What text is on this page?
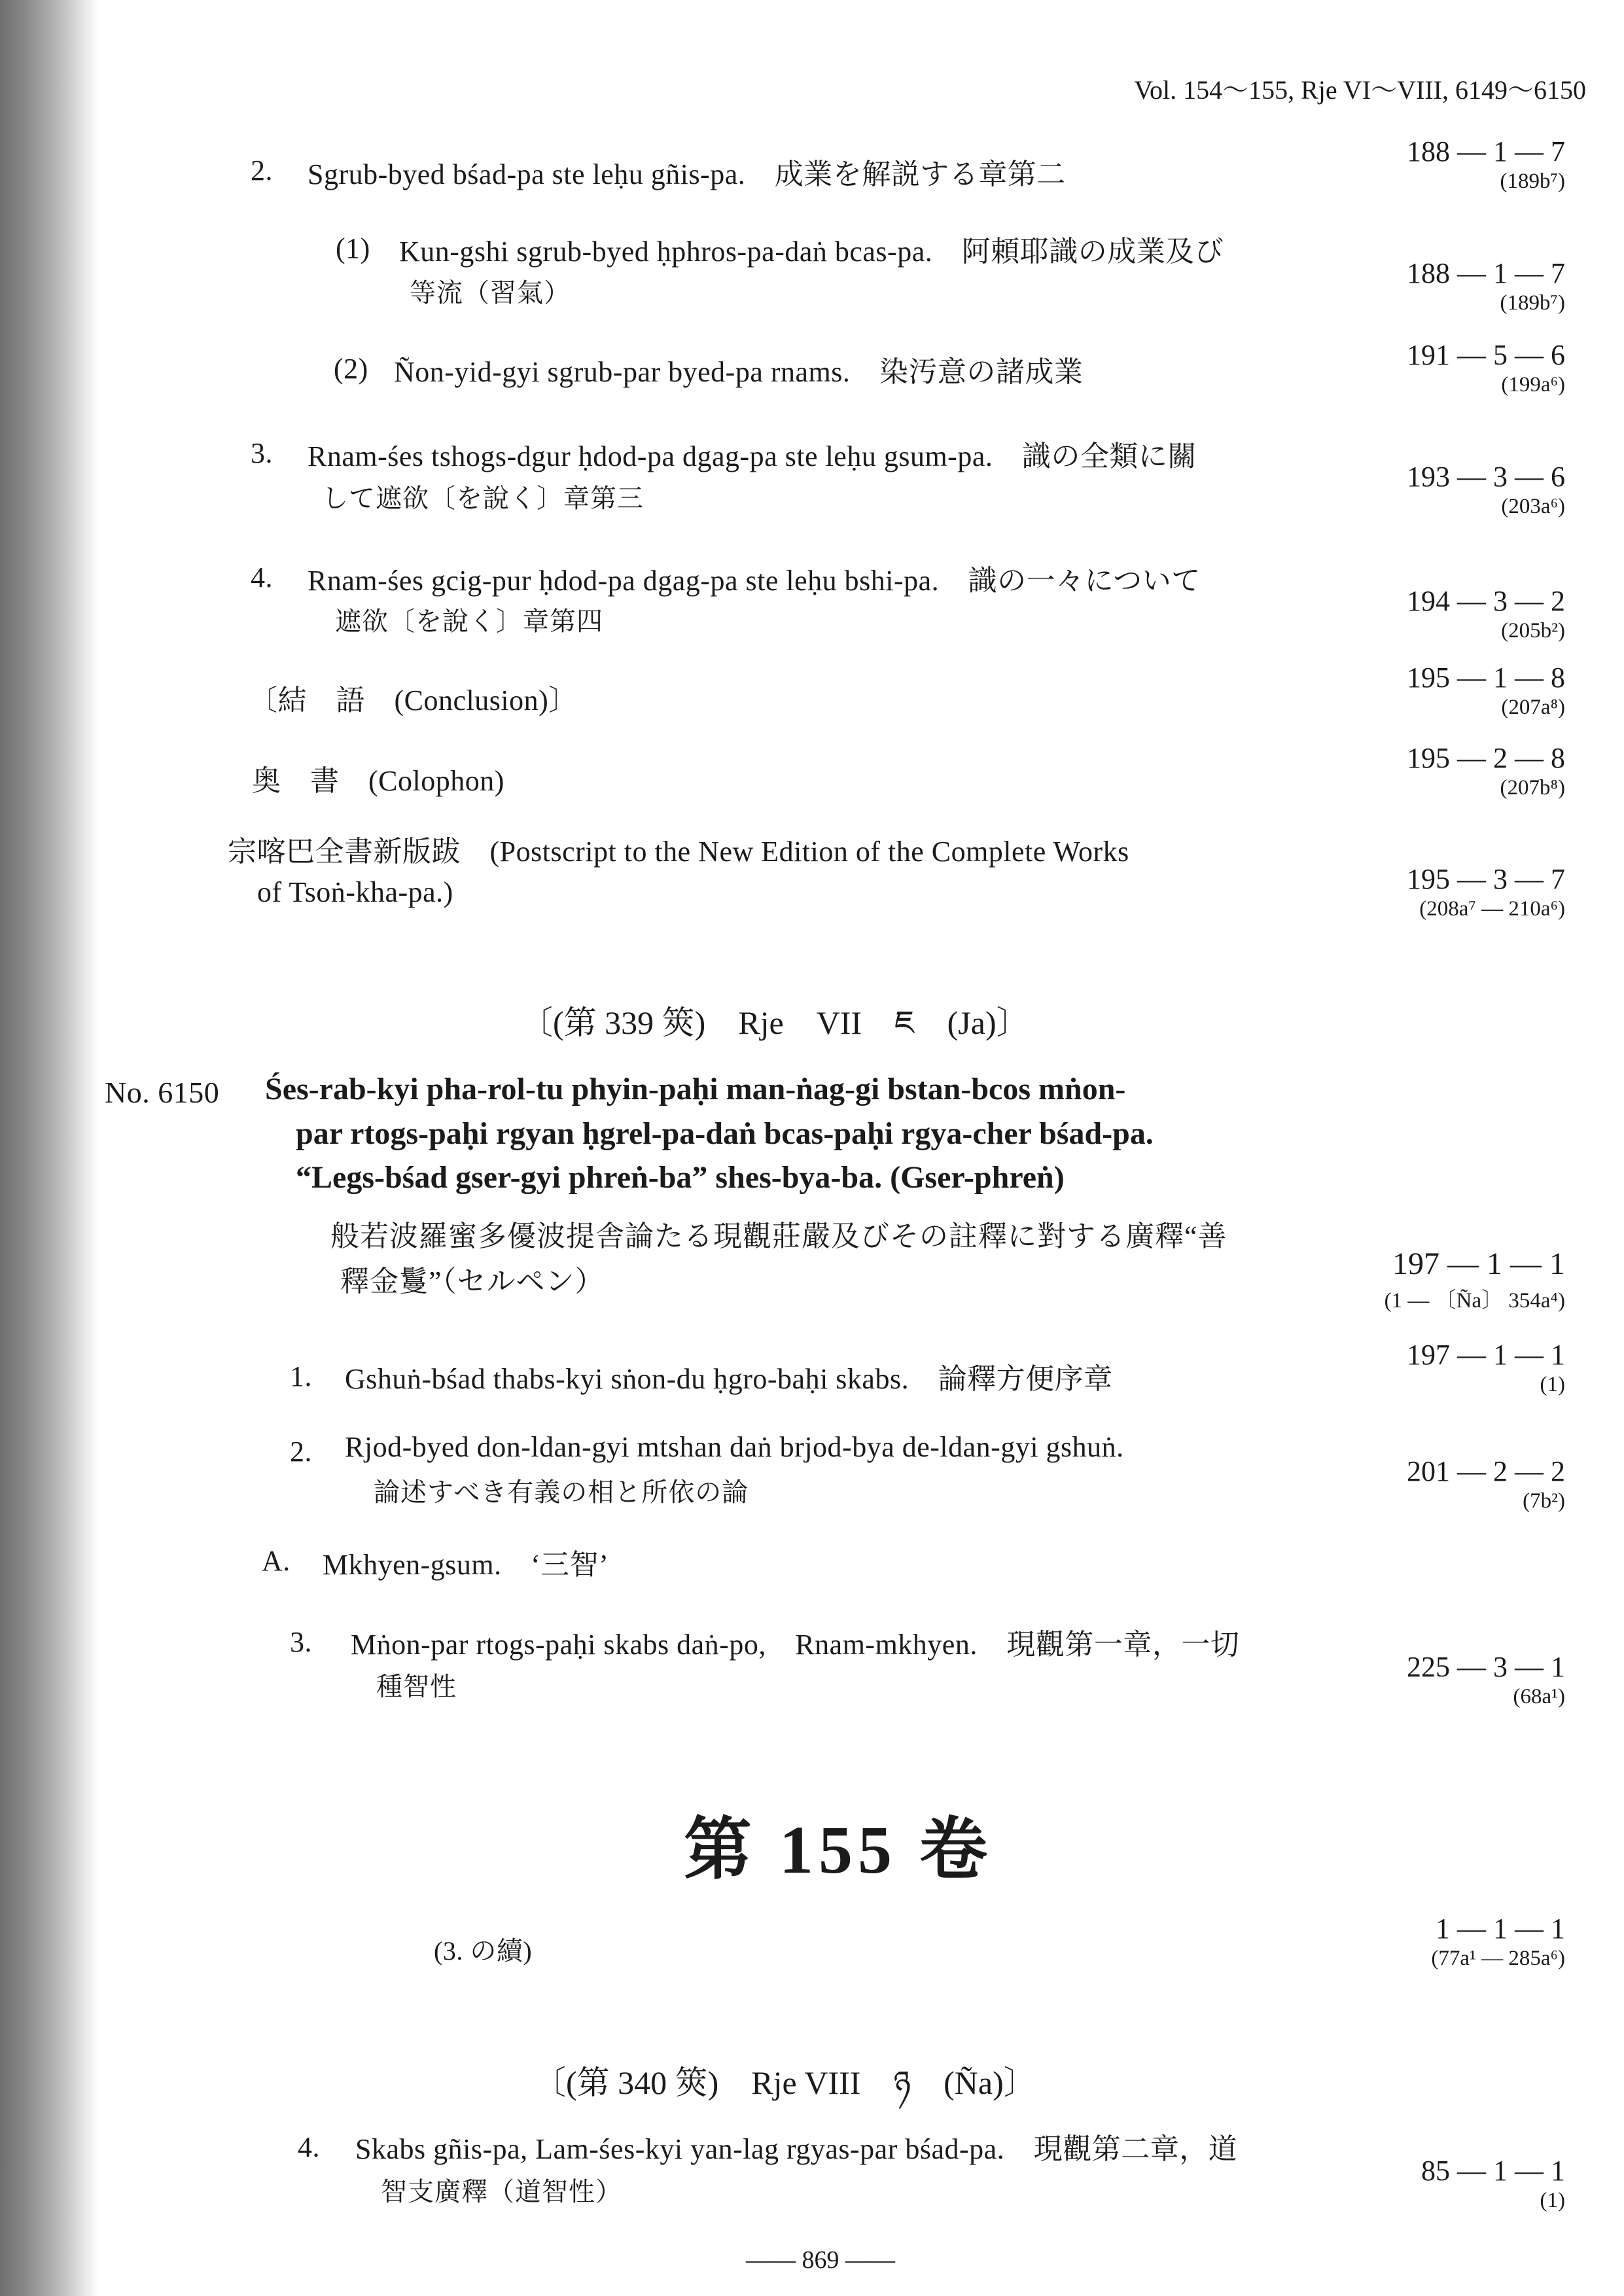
Vol. 154～155, Rje VI～VIII, 6149～6150
2. Sgrub-byed bśad-pa ste leḥu gñis-pa.　成業を解説する章第二
188 — 1 — 7
(189b⁷)
(1) Kun-gshi sgrub-byed ḥphros-pa-daṅ bcas-pa.　阿頼耶識の成業及び
等流（習氣）
188 — 1 — 7
(189b⁷)
(2) Ñon-yid-gyi sgrub-par byed-pa rnams.　染汚意の諸成業
191 — 5 — 6
(199a⁶)
3. Rnam-śes tshogs-dgur ḥdod-pa dgag-pa ste leḥu gsum-pa.　識の全類に關
して遮欲〔を說く〕章第三
193 — 3 — 6
(203a⁶)
4. Rnam-śes gcig-pur ḥdod-pa dgag-pa ste leḥu bshi-pa.　識の一々について
遮欲〔を說く〕章第四
194 — 3 — 2
(205b²)
〔結　語　(Conclusion)〕
195 — 1 — 8
(207a⁸)
奥　書　(Colophon)
195 — 2 — 8
(207b⁸)
宗喀巴全書新版跋　(Postscript to the New Edition of the Complete Works
of Tsoṅ-kha-pa.)	195 — 3 — 7
(208a⁷ — 210a⁶)
〔(第 339 筴)　Rje　VII　ཇ　(Ja)〕
No. 6150 Śes-rab-kyi pha-rol-tu phyin-paḥi man-ṅag-gi bstan-bcos mṅon-
par rtogs-paḥi rgyan ḥgrel-pa-daṅ bcas-paḥi rgya-cher bśad-pa.
“Legs-bśad gser-gyi phreṅ-ba” shes-bya-ba. (Gser-phreṅ)
般若波羅蜜多優波提舎論たる現觀莊嚴及びその註釋に對する廣釋“善
釋金鬘”（セルペン）
197 — 1 — 1
(1 — 〔Ña〕 354a⁴)
1. Gshuṅ-bśad thabs-kyi sṅon-du ḥgro-baḥi skabs.　論釋方便序章
197 — 1 — 1
(1)
2. Rjod-byed don-ldan-gyi mtshan daṅ brjod-bya de-ldan-gyi gshuṅ.
論述すべき有義の相と所依の論
201 — 2 — 2
(7b²)
A. Mkhyen-gsum.　‘三智’
3. Mṅon-par rtogs-paḥi skabs daṅ-po,　Rnam-mkhyen.　現觀第一章，一切
種智性
225 — 3 — 1
(68a¹)
第 155 卷
(3. の續)
1 — 1 — 1
(77a¹ — 285a⁶)
〔(第 340 筴)　Rje VIII　ཉ　(Ña)〕
4. Skabs gñis-pa, Lam-śes-kyi yan-lag rgyas-par bśad-pa.　現觀第二章，道
智支廣釋（道智性）
85 — 1 — 1
(1)
—— 869 ——
